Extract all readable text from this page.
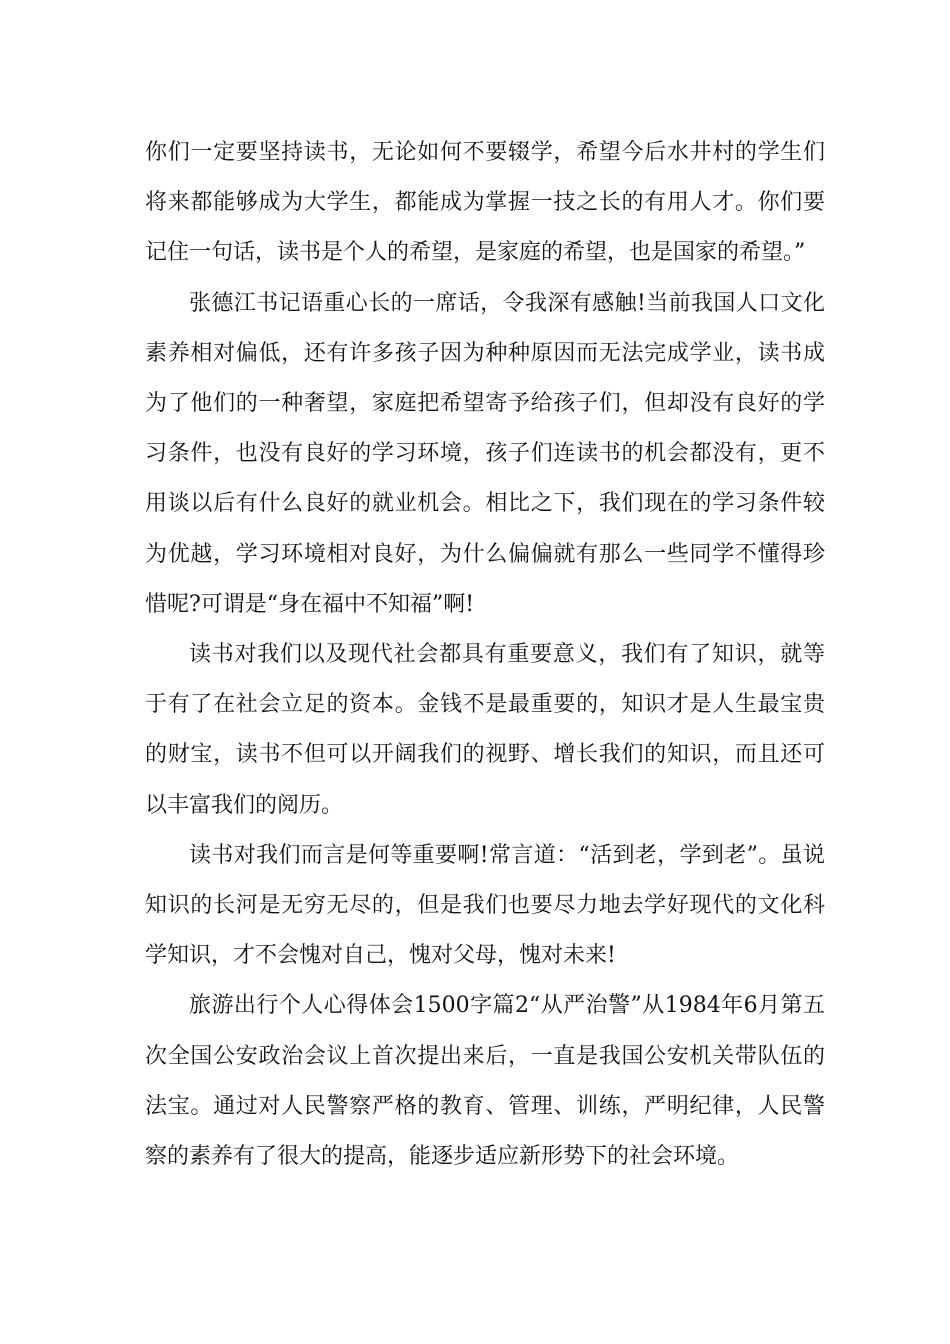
你们一定要坚持读书，无论如何不要辍学，希望今后水井村的学生们将来都能够成为大学生，都能成为掌握一技之长的有用人才。你们要记住一句话，读书是个人的希望，是家庭的希望，也是国家的希望。”

张德江书记语重心长的一席话，令我深有感触!当前我国人口文化素养相对偏低，还有许多孩子因为种种原因而无法完成学业，读书成为了他们的一种奢望，家庭把希望寄予给孩子们，但却没有良好的学习条件，也没有良好的学习环境，孩子们连读书的机会都没有，更不用谈以后有什么良好的就业机会。相比之下，我们现在的学习条件较为优越，学习环境相对良好，为什么偏偏就有那么一些同学不懂得珍惜呢?可谓是“身在福中不知福”啊!

读书对我们以及现代社会都具有重要意义，我们有了知识，就等于有了在社会立足的资本。金钱不是最重要的，知识才是人生最宝贵的财宝，读书不但可以开阔我们的视野、增长我们的知识，而且还可以丰富我们的阅历。

读书对我们而言是何等重要啊!常言道：“活到老，学到老”。虽说知识的长河是无穷无尽的，但是我们也要尽力地去学好现代的文化科学知识，才不会愧对自己，愧对父母，愧对未来!

旅游出行个人心得体会1500字篇2“从严治警”从1984年6月第五次全国公安政治会议上首次提出来后，一直是我国公安机关带队伍的法宝。通过对人民警察严格的教育、管理、训练，严明纪律，人民警察的素养有了很大的提高，能逐步适应新形势下的社会环境。
